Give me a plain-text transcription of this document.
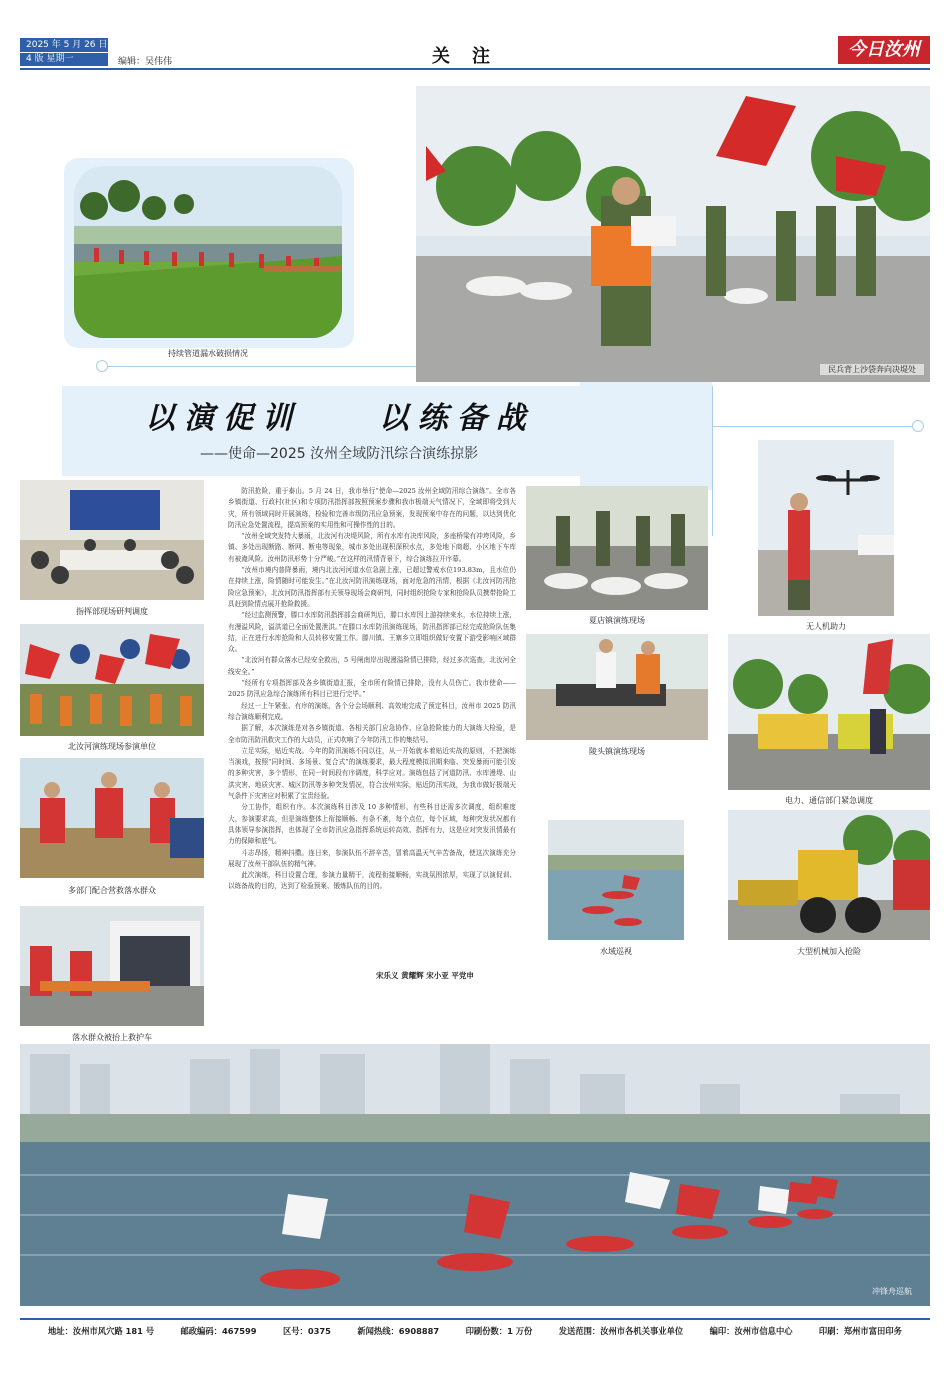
2025 年 5 月 26 日
4 版 星期一	编辑：吴伟伟	关注	今日汝州
持续管道漏水破损情况
民兵背上沙袋奔向决堤处
以演促训    以练备战
——使命—2025 汝州全域防汛综合演练掠影
指挥部现场研判调度
北汝河演练现场参演单位
多部门配合营救落水群众
落水群众被抬上救护车

防汛抢险，重于泰山。5 月 24 日，我市举行“使命—2025 汝州全域防汛综合演练”。全市各乡镇街道、行政村(社区)和专项防汛指挥部按照预案步骤和我市极端天气情况下，全域即将受到大灾，所有领域同时开展演练，检验和完善市级防汛应急预案，发现预案中存在的问题，以达到优化防汛应急处置流程，提高预案的实用性和可操作性的目的。

“汝州全域突发特大暴雨，北汝河有决堤风险，所有水库有决库风险，多座桥梁有冲垮风险，乡镇、多处出现断路、断网、断电等现象，城市多处出现积深积水点，多处地下商超、小区地下车库有被淹风险。汝州防汛形势十分严峻。”在这样的汛情背景下，综合演练拉开序幕。

“汝州市境内普降暴雨，境内北汝河河道水位急剧上涨，已超过警戒水位193.83m，且水位仍在持续上涨，险情随时可能发生。”在北汝河防汛演练现场，面对危急的汛情，根据《北汝河防汛抢险应急预案》，北汝河防汛指挥部有关领导现场会商研判，同时组织抢险专家和抢险队员携带抢险工具赶到险情点展开抢险救援。

“经过监测预警，滕口水库防汛指挥部会商研判后，滕口水库因上游持续来水，水位持续上涨，有漫溢风险，溢洪道已全面处置泄洪。”在滕口水库防汛演练现场，防汛指挥部已经完成抢险队伍集结，正在进行水库抢险和人员转移安置工作。滕川镇、王寨乡立即组织做好安置下游受影响区域群众。

“北汝河有群众落水已经安全救出，5 号闸南岸出现漫溢险情已排除，经过多次巡查，北汝河全线安全。”

“经所有专项指挥部及各乡镇街道汇报，全市所有险情已排除，没有人员伤亡。我市使命——2025 防汛应急综合演练所有科目已进行完毕。”

经过一上午紧张、有序的演练，各个分会场顺利、高效地完成了预定科目，汝州市 2025 防汛综合演练顺利完成。

据了解，本次演练是对各乡镇街道、各相关部门应急协作、应急抢险能力的大演练大检验，是全市防汛防汛救灾工作的大动员，正式吹响了今年防汛工作的集结号。

立足实际，贴近实战。今年的防汛演练不同以往，从一开始就本着贴近实战的原则，不把演练当演戏，按照“同时间、多场景、复合式”的演练要求，最大程度模拟汛期来临、突发暴雨可能引发的多种灾害，多个情形，在同一时间段有序调度，科学应对。演练包括了河道防汛、水库漫堤、山洪灾害、地质灾害、城区防汛等多种突发情况，符合汝州实际，贴近防汛实战，为我市做好极端天气条件下灾害应对积累了宝贵经验。

分工协作，组织有序。本次演练科目涉及 10 多种情形，有些科目还需多次调度，组织难度大，参演要求高，但是演练整体上衔接顺畅、有条不紊，每个点位，每个区域，每种突发状况都有具体领导参演指挥，也体现了全市防汛应急指挥系统运转高效、指挥有力，这是应对突发汛情最有力的保障和底气。

斗志昂扬，精神抖擞。连日来，参演队伍不辞辛苦，冒着高温天气辛苦备战，使这次演练充分展现了汝州干部队伍的精气神。

此次演练，科目设置合理，参演力量精干，流程衔接顺畅，实战氛围浓厚，实现了以演促训、以练备战的目的，达到了检验预案、锻炼队伍的目的。

宋乐义 黄耀辉 宋小亚 平党申
夏店镇演练现场
陵头镇演练现场
水域巡视
无人机助力
电力、通信部门紧急调度
大型机械加入抢险
冲锋舟巡航
地址：汝州市风穴路 181 号	邮政编码：467599	区号：0375	新闻热线：6908887	印刷份数：1 万份	发送范围：汝州市各机关事业单位	编印：汝州市信息中心	印刷：郑州市富田印务
